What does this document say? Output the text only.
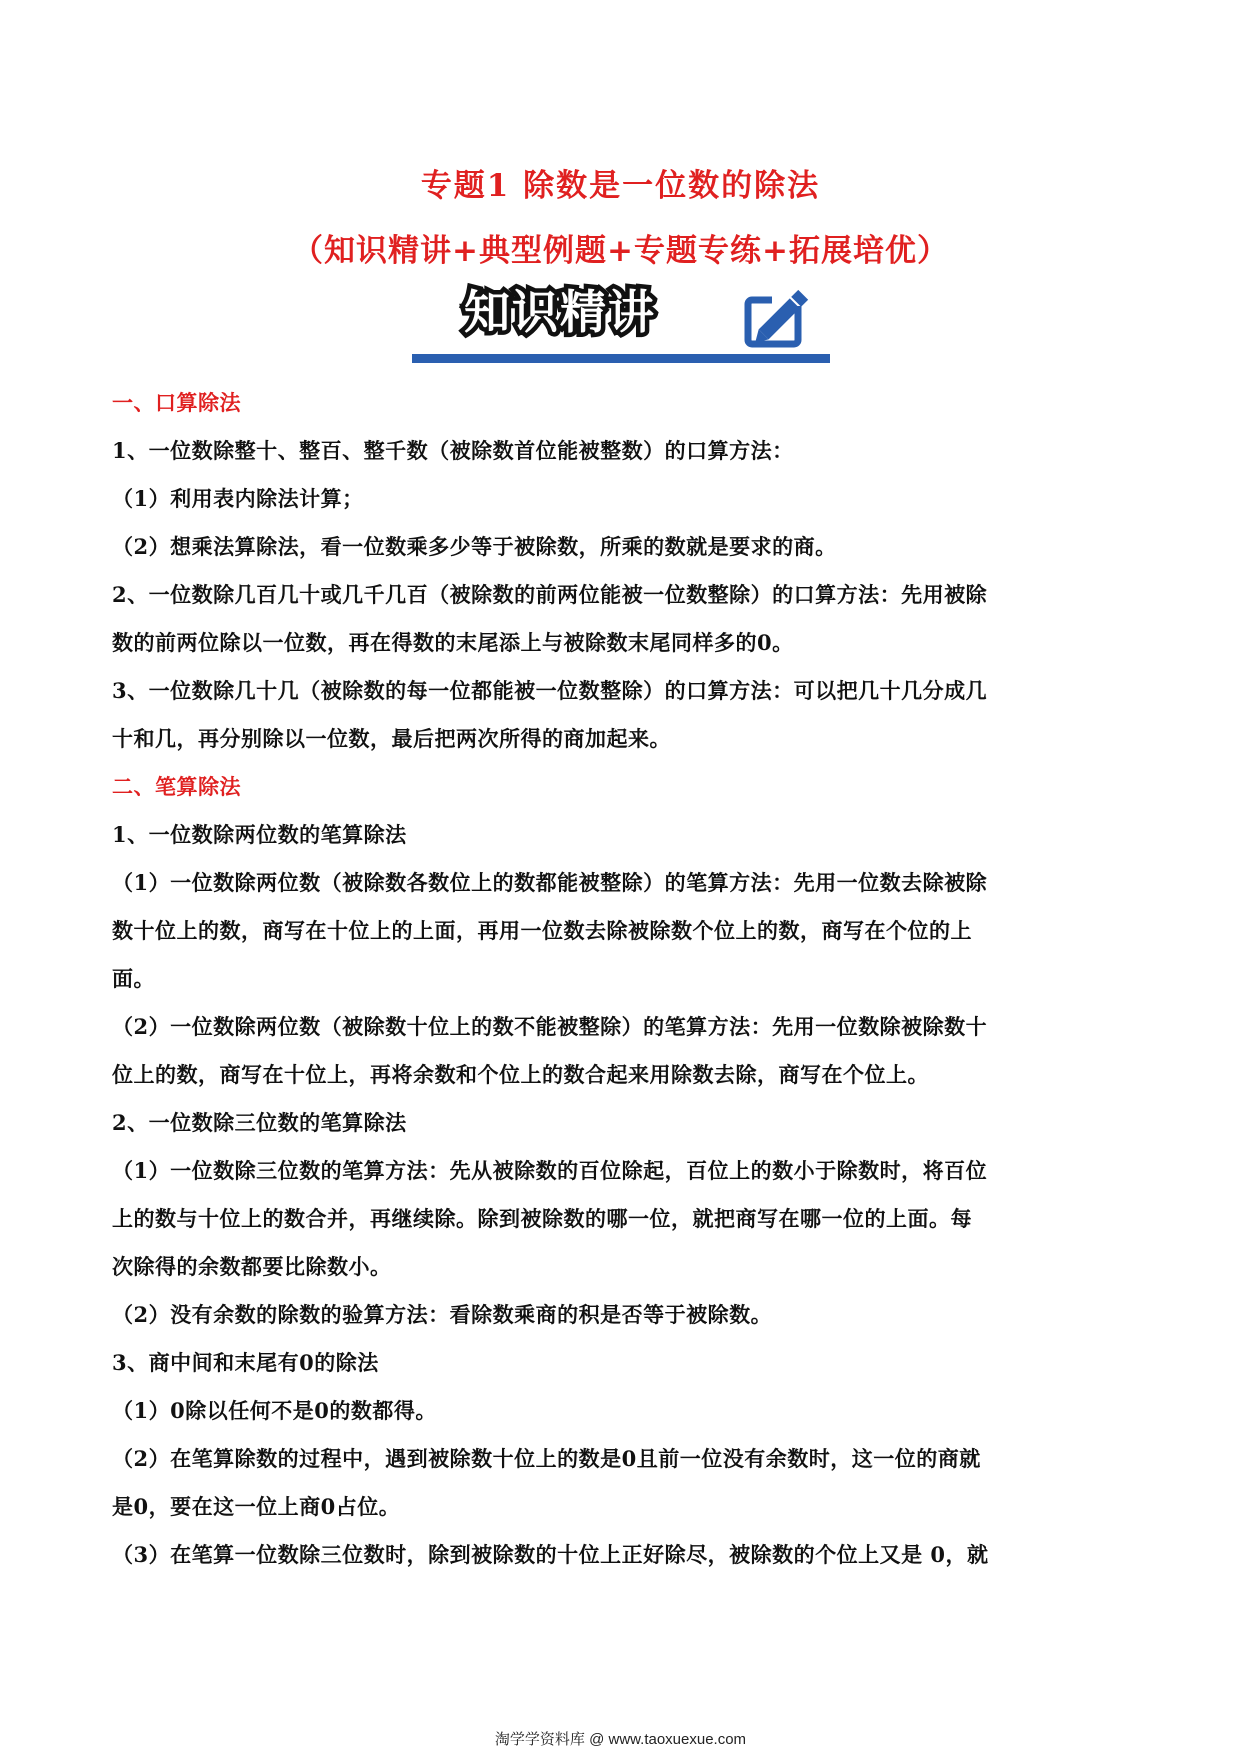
专题1 除数是一位数的除法
（知识精讲+典型例题+专题专练+拓展培优）
知识精讲

一、口算除法

1、一位数除整十、整百、整千数（被除数首位能被整数）的口算方法：

（1）利用表内除法计算；

（2）想乘法算除法，看一位数乘多少等于被除数，所乘的数就是要求的商。

2、一位数除几百几十或几千几百（被除数的前两位能被一位数整除）的口算方法：先用被除

数的前两位除以一位数，再在得数的末尾添上与被除数末尾同样多的0。

3、一位数除几十几（被除数的每一位都能被一位数整除）的口算方法：可以把几十几分成几

十和几，再分别除以一位数，最后把两次所得的商加起来。

二、笔算除法

1、一位数除两位数的笔算除法

（1）一位数除两位数（被除数各数位上的数都能被整除）的笔算方法：先用一位数去除被除

数十位上的数，商写在十位上的上面，再用一位数去除被除数个位上的数，商写在个位的上

面。

（2）一位数除两位数（被除数十位上的数不能被整除）的笔算方法：先用一位数除被除数十

位上的数，商写在十位上，再将余数和个位上的数合起来用除数去除，商写在个位上。

2、一位数除三位数的笔算除法

（1）一位数除三位数的笔算方法：先从被除数的百位除起，百位上的数小于除数时，将百位

上的数与十位上的数合并，再继续除。除到被除数的哪一位，就把商写在哪一位的上面。每

次除得的余数都要比除数小。

（2）没有余数的除数的验算方法：看除数乘商的积是否等于被除数。

3、商中间和末尾有0的除法

（1）0除以任何不是0的数都得。

（2）在笔算除数的过程中，遇到被除数十位上的数是0且前一位没有余数时，这一位的商就

是0，要在这一位上商0占位。

（3）在笔算一位数除三位数时，除到被除数的十位上正好除尽，被除数的个位上又是 0，就

淘学学资料库 @ www.taoxuexue.com
